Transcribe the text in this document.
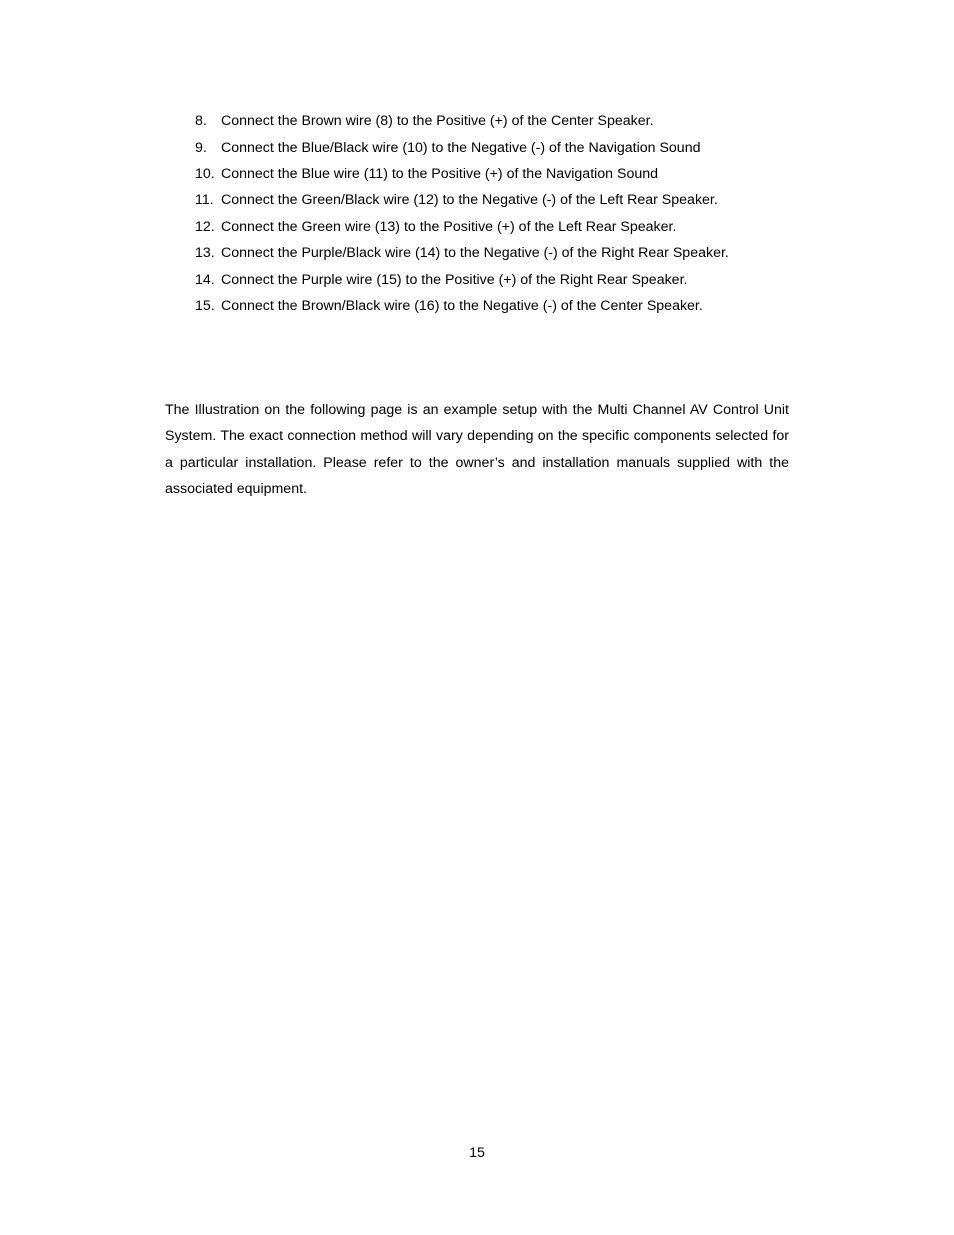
8. Connect the Brown wire (8) to the Positive (+) of the Center Speaker.
9. Connect the Blue/Black wire (10) to the Negative (-) of the Navigation Sound
10. Connect the Blue wire (11) to the Positive (+) of the Navigation Sound
11. Connect the Green/Black wire (12) to the Negative (-) of the Left Rear Speaker.
12. Connect the Green wire (13) to the Positive (+) of the Left Rear Speaker.
13. Connect the Purple/Black wire (14) to the Negative (-) of the Right Rear Speaker.
14. Connect the Purple wire (15) to the Positive (+) of the Right Rear Speaker.
15. Connect the Brown/Black wire (16) to the Negative (-) of the Center Speaker.

The Illustration on the following page is an example setup with the Multi Channel AV Control Unit System. The exact connection method will vary depending on the specific components selected for a particular installation. Please refer to the owner’s and installation manuals supplied with the associated equipment.

15
